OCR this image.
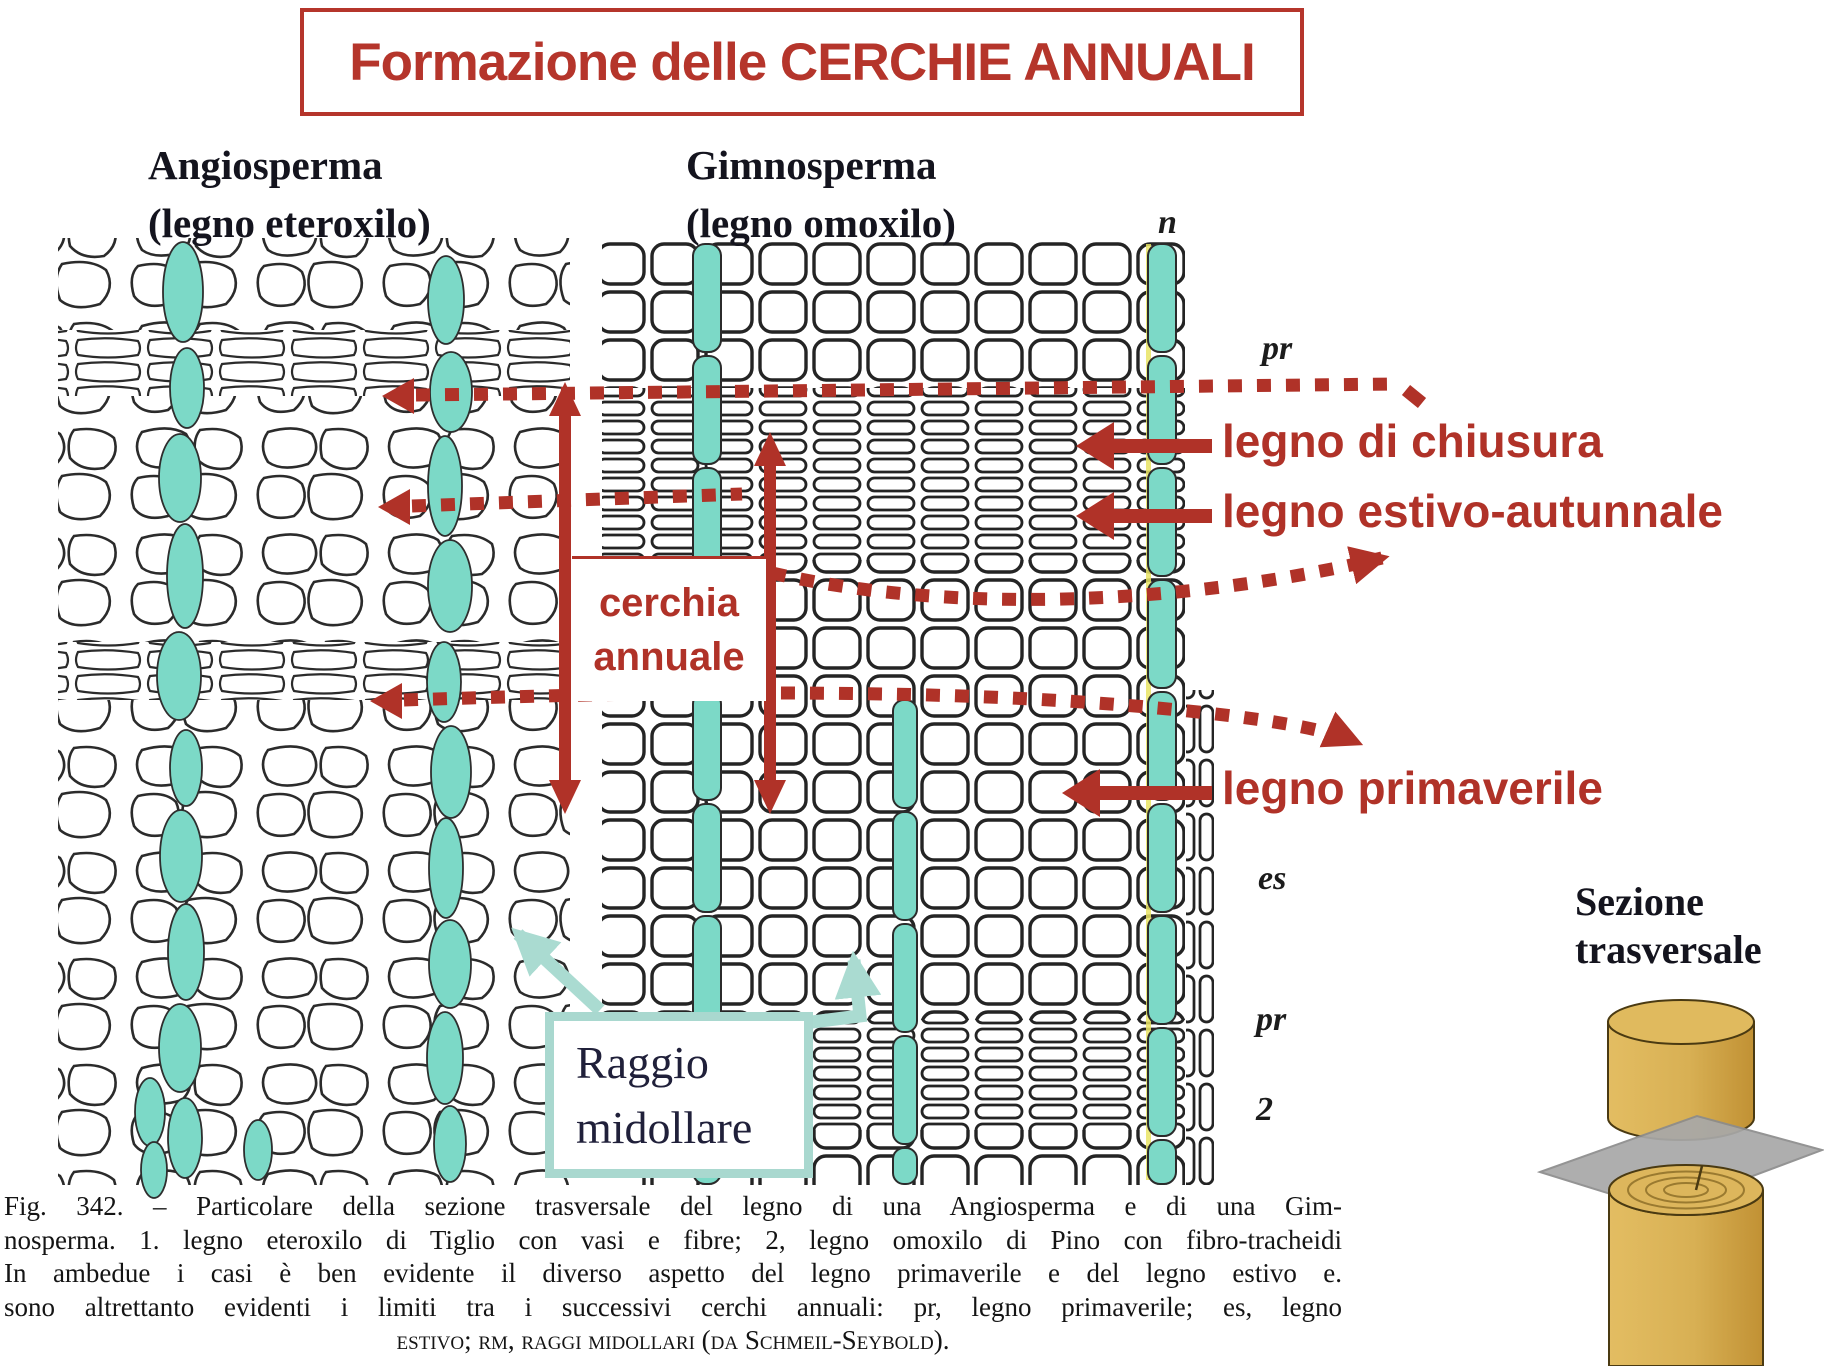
Formazione delle CERCHIE ANNUALI
Angiosperma
(legno eteroxilo)
Gimnosperma
(legno omoxilo)
legno di chiusura
legno estivo-autunnale
legno primaverile
cerchia
annuale
Raggio
midollare
n
pr
es
pr
2
Sezione
trasversale
Fig. 342. – Particolare della sezione trasversale del legno di una Angiosperma e di una Gim-
nosperma. 1. legno eteroxilo di Tiglio con vasi e fibre; 2, legno omoxilo di Pino con fibro-tracheidi
In ambedue i casi è ben evidente il diverso aspetto del legno primaverile e del legno estivo e.
sono altrettanto evidenti i limiti tra i successivi cerchi annuali: pr, legno primaverile; es, legno
estivo; rm, raggi midollari (da Schmeil-Seybold).
